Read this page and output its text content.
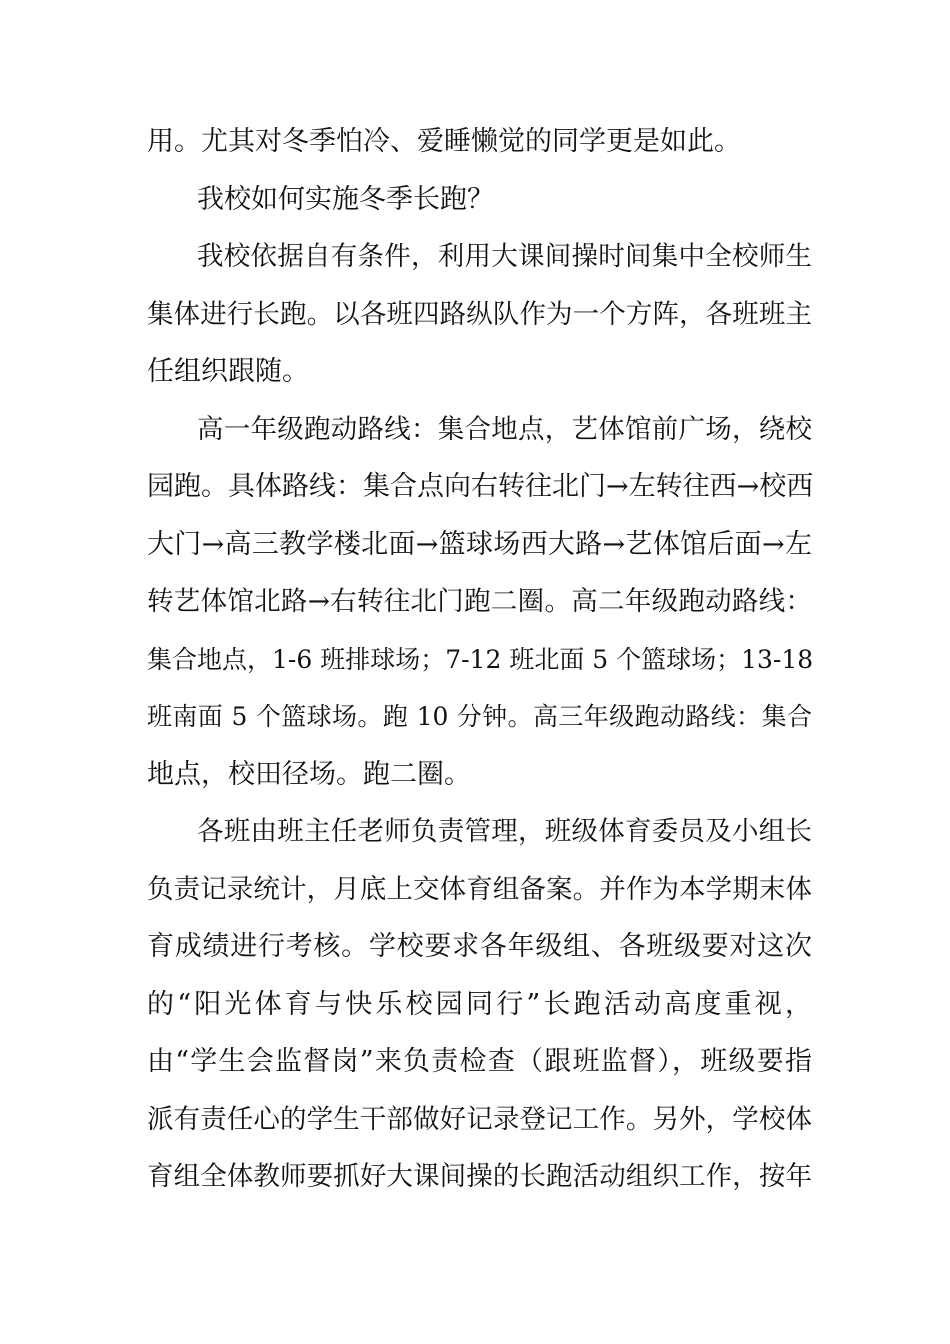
用。尤其对冬季怕冷、爱睡懒觉的同学更是如此。
我校如何实施冬季长跑？
我校依据自有条件，利用大课间操时间集中全校师生
集体进行长跑。以各班四路纵队作为一个方阵，各班班主
任组织跟随。
高一年级跑动路线：集合地点，艺体馆前广场，绕校
园跑。具体路线：集合点向右转往北门→左转往西→校西
大门→高三教学楼北面→篮球场西大路→艺体馆后面→左
转艺体馆北路→右转往北门跑二圈。高二年级跑动路线：
集合地点，1-6 班排球场；7-12 班北面 5 个篮球场；13-18
班南面 5 个篮球场。跑 10 分钟。高三年级跑动路线：集合
地点，校田径场。跑二圈。
各班由班主任老师负责管理，班级体育委员及小组长
负责记录统计，月底上交体育组备案。并作为本学期末体
育成绩进行考核。学校要求各年级组、各班级要对这次
的“阳光体育与快乐校园同行”长跑活动高度重视，
由“学生会监督岗”来负责检查（跟班监督），班级要指
派有责任心的学生干部做好记录登记工作。另外，学校体
育组全体教师要抓好大课间操的长跑活动组织工作，按年
